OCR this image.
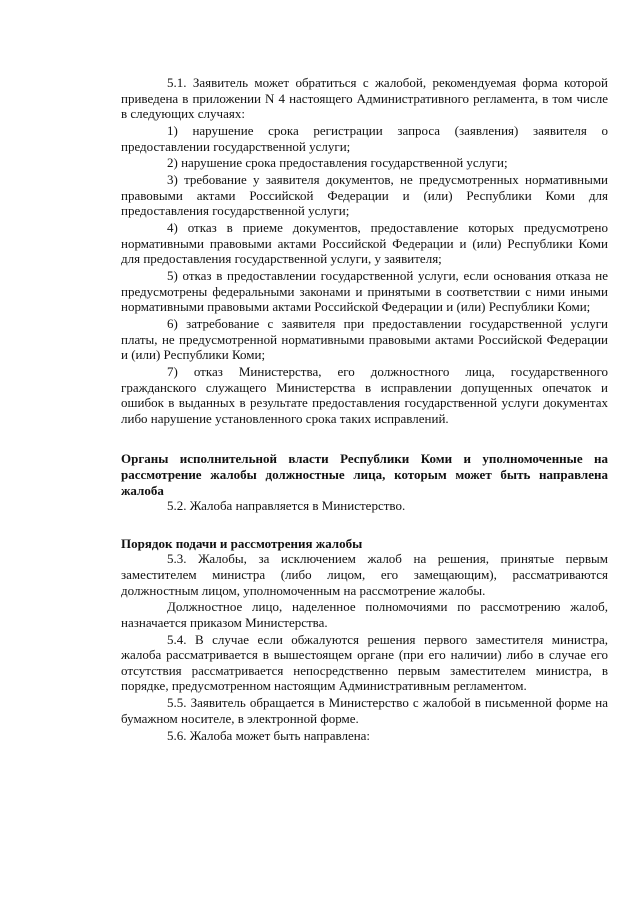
5.1. Заявитель может обратиться с жалобой, рекомендуемая форма которой приведена в приложении N 4 настоящего Административного регламента, в том числе в следующих случаях:

1) нарушение срока регистрации запроса (заявления) заявителя о предоставлении государственной услуги;

2) нарушение срока предоставления государственной услуги;

3) требование у заявителя документов, не предусмотренных нормативными правовыми актами Российской Федерации и (или) Республики Коми для предоставления государственной услуги;

4) отказ в приеме документов, предоставление которых предусмотрено нормативными правовыми актами Российской Федерации и (или) Республики Коми для предоставления государственной услуги, у заявителя;

5) отказ в предоставлении государственной услуги, если основания отказа не предусмотрены федеральными законами и принятыми в соответствии с ними иными нормативными правовыми актами Российской Федерации и (или) Республики Коми;

6) затребование с заявителя при предоставлении государственной услуги платы, не предусмотренной нормативными правовыми актами Российской Федерации и (или) Республики Коми;

7) отказ Министерства, его должностного лица, государственного гражданского служащего Министерства в исправлении допущенных опечаток и ошибок в выданных в результате предоставления государственной услуги документах либо нарушение установленного срока таких исправлений.

Органы исполнительной власти Республики Коми и уполномоченные на рассмотрение жалобы должностные лица, которым может быть направлена жалоба

5.2. Жалоба направляется в Министерство.

Порядок подачи и рассмотрения жалобы

5.3. Жалобы, за исключением жалоб на решения, принятые первым заместителем министра (либо лицом, его замещающим), рассматриваются должностным лицом, уполномоченным на рассмотрение жалобы.

Должностное лицо, наделенное полномочиями по рассмотрению жалоб, назначается приказом Министерства.

5.4. В случае если обжалуются решения первого заместителя министра, жалоба рассматривается в вышестоящем органе (при его наличии) либо в случае его отсутствия рассматривается непосредственно первым заместителем министра, в порядке, предусмотренном настоящим Административным регламентом.

5.5. Заявитель обращается в Министерство с жалобой в письменной форме на бумажном носителе, в электронной форме.

5.6. Жалоба может быть направлена:
